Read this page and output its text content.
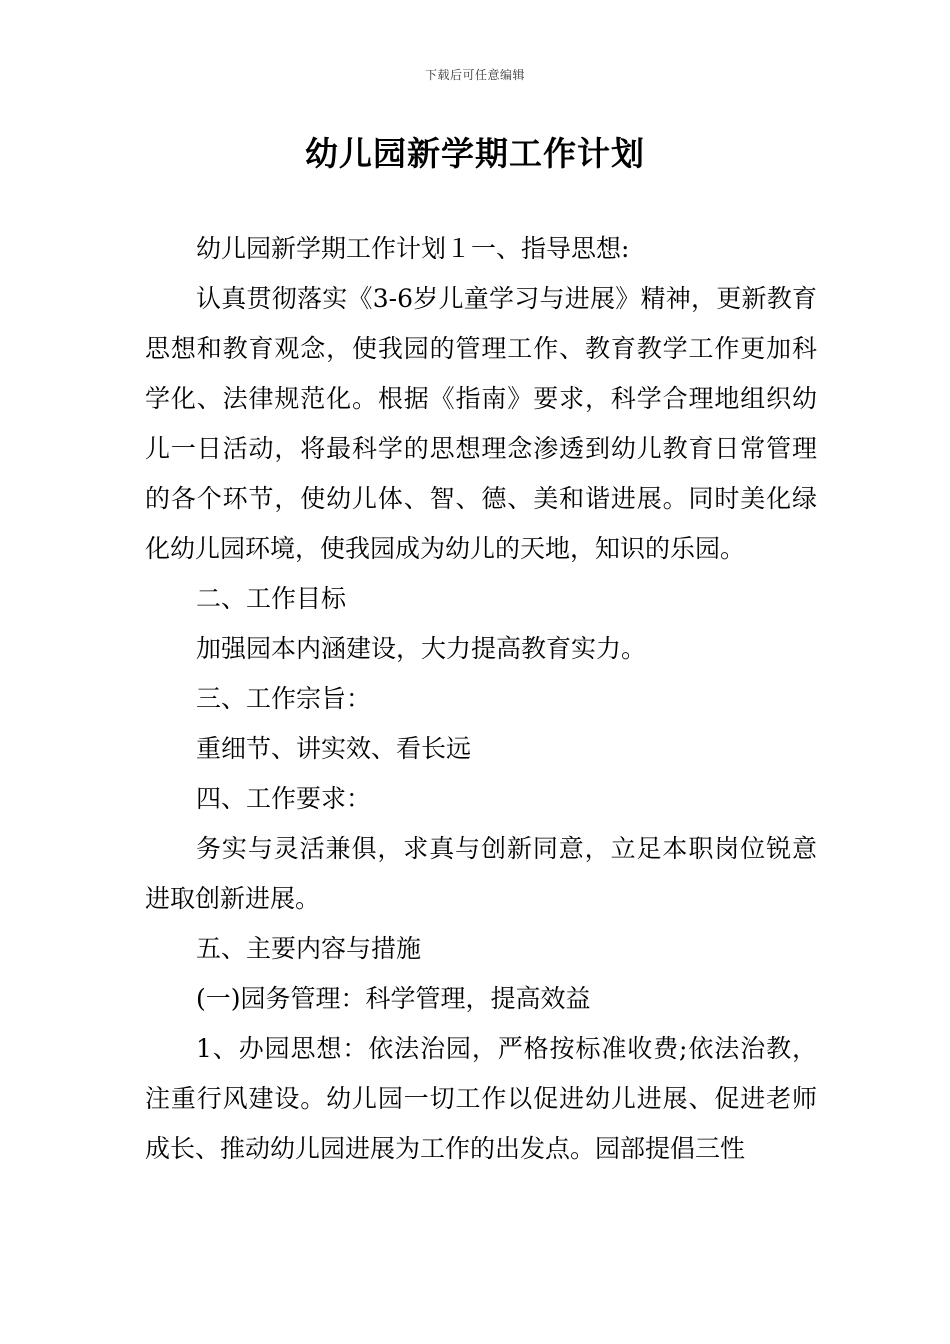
下载后可任意编辑
幼儿园新学期工作计划

幼儿园新学期工作计划１一、指导思想:

认真贯彻落实《3-6岁儿童学习与进展》精神，更新教育思想和教育观念，使我园的管理工作、教育教学工作更加科学化、法律规范化。根据《指南》要求，科学合理地组织幼儿一日活动，将最科学的思想理念渗透到幼儿教育日常管理的各个环节，使幼儿体、智、德、美和谐进展。同时美化绿化幼儿园环境，使我园成为幼儿的天地，知识的乐园。

二、工作目标

加强园本内涵建设，大力提高教育实力。

三、工作宗旨：

重细节、讲实效、看长远

四、工作要求：

务实与灵活兼俱，求真与创新同意，立足本职岗位锐意进取创新进展。

五、主要内容与措施

(一)园务管理：科学管理，提高效益

1、办园思想：依法治园，严格按标准收费;依法治教，注重行风建设。幼儿园一切工作以促进幼儿进展、促进老师成长、推动幼儿园进展为工作的出发点。园部提倡三性
